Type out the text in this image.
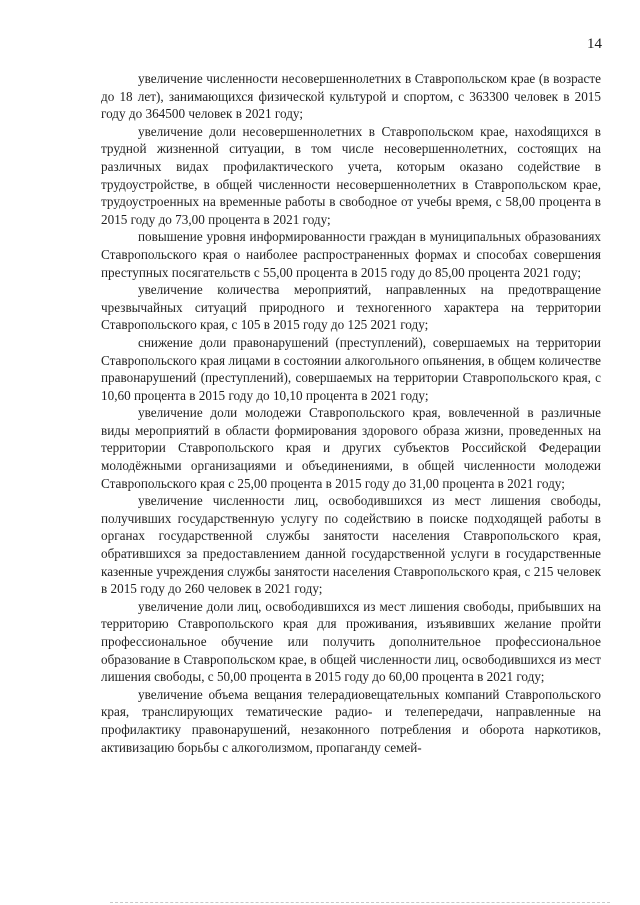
14

увеличение численности несовершеннолетних в Ставропольском крае (в возрасте до 18 лет), занимающихся физической культурой и спортом, с 363300 человек в 2015 году до 364500 человек в 2021 году;

увеличение доли несовершеннолетних в Ставропольском крае, нахоdящихся в трудной жизненной ситуации, в том числе несовершеннолетних, состоящих на различных видах профилактического учета, которым оказано содействие в трудоустройстве, в общей численности несовершеннолетних в Ставропольском крае, трудоустроенных на временные работы в свободное от учебы время, с 58,00 процента в 2015 году до 73,00 процента в 2021 году;

повышение уровня информированности граждан в муниципальных образованиях Ставропольского края о наиболее распространенных формах и способах совершения преступных посягательств с 55,00 процента в 2015 году до 85,00 процента 2021 году;

увеличение количества мероприятий, направленных на предотвращение чрезвычайных ситуаций природного и техногенного характера на территории Ставропольского края, с 105 в 2015 году до 125 2021 году;

снижение доли правонарушений (преступлений), совершаемых на территории Ставропольского края лицами в состоянии алкогольного опьянения, в общем количестве правонарушений (преступлений), совершаемых на территории Ставропольского края, с 10,60 процента в 2015 году до 10,10 процента в 2021 году;

увеличение доли молодежи Ставропольского края, вовлеченной в различные виды мероприятий в области формирования здорового образа жизни, проведенных на территории Ставропольского края и других субъектов Российской Федерации молодёжными организациями и объединениями, в общей численности молодежи Ставропольского края с 25,00 процента в 2015 году до 31,00 процента в 2021 году;

увеличение численности лиц, освободившихся из мест лишения свободы, получивших государственную услугу по содействию в поиске подходящей работы в органах государственной службы занятости населения Ставропольского края, обратившихся за предоставлением данной государственной услуги в государственные казенные учреждения службы занятости населения Ставропольского края, с 215 человек в 2015 году до 260 человек в 2021 году;

увеличение доли лиц, освободившихся из мест лишения свободы, прибывших на территорию Ставропольского края для проживания, изъявивших желание пройти профессиональное обучение или получить дополнительное профессиональное образование в Ставропольском крае, в общей численности лиц, освободившихся из мест лишения свободы, с 50,00 процента в 2015 году до 60,00 процента в 2021 году;

увеличение объема вещания телерадиовещательных компаний Ставропольского края, транслирующих тематические радио- и телепередачи, направленные на профилактику правонарушений, незаконного потребления и оборота наркотиков, активизацию борьбы с алкоголизмом, пропаганду семей-
